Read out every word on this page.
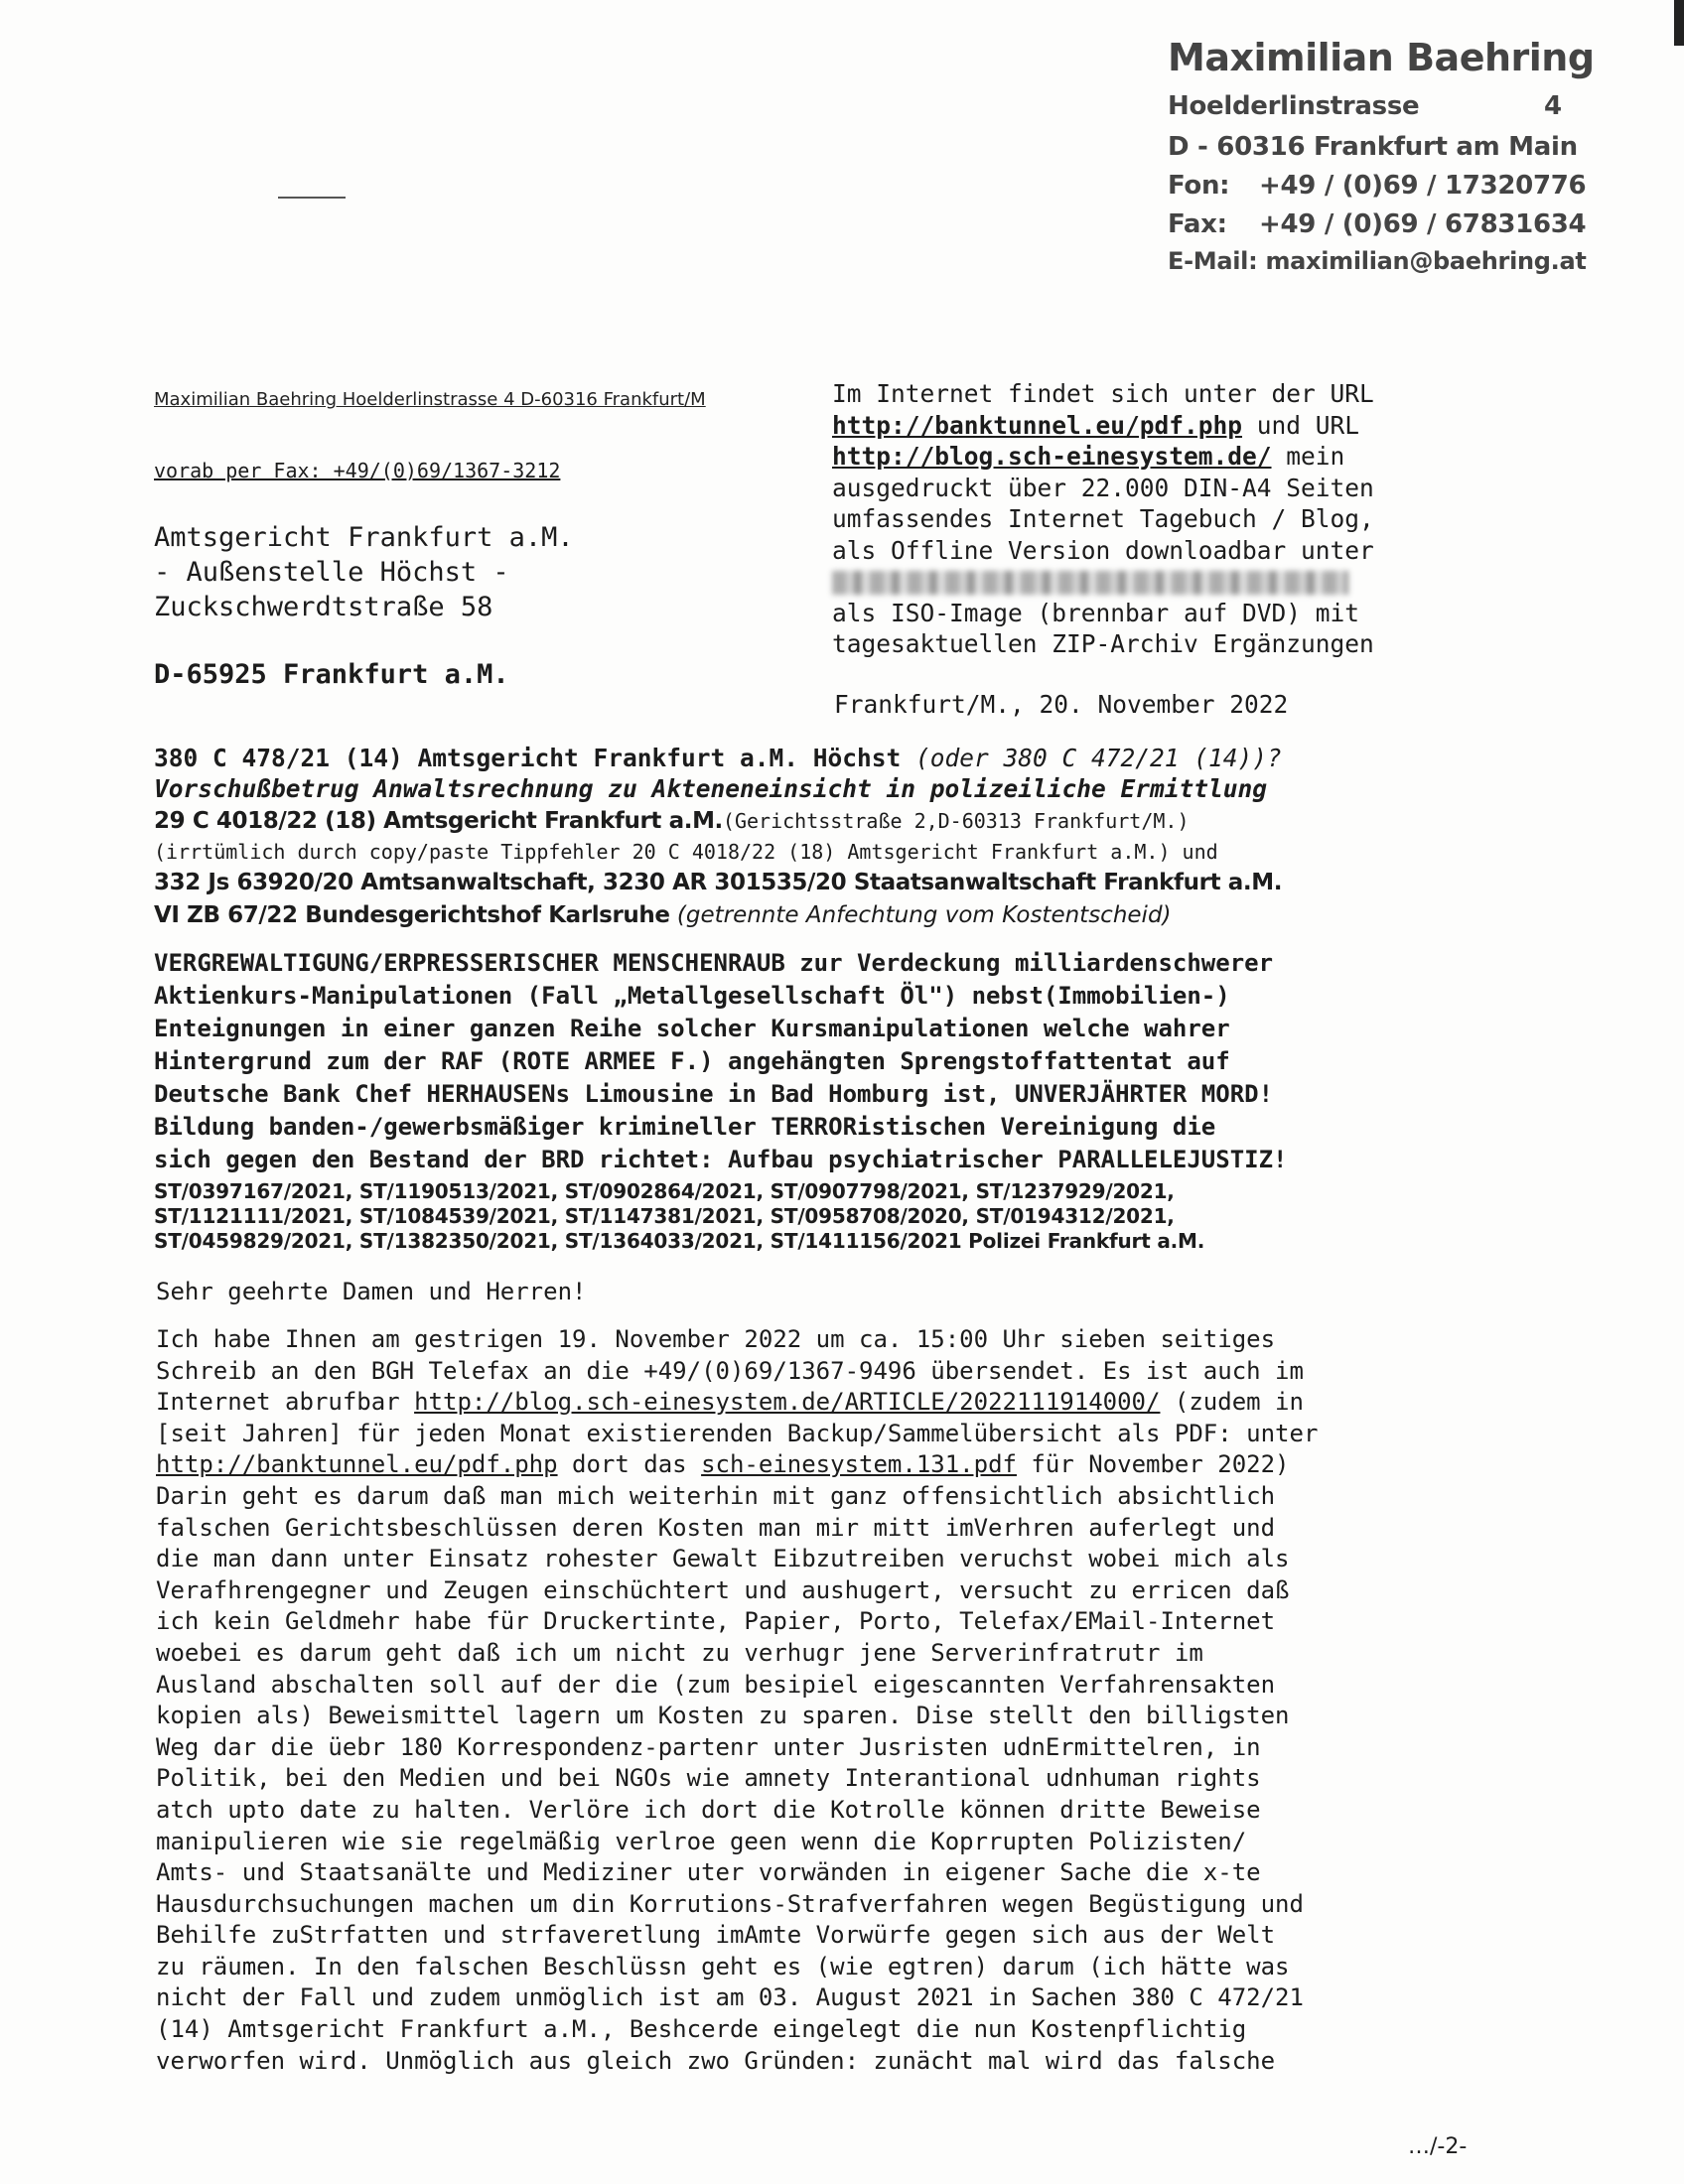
Maximilian Baehring
Hoelderlinstrasse	4
D - 60316 Frankfurt am Main
Fon: +49 / (0)69 / 17320776
Fax: +49 / (0)69 / 67831634
E-Mail: maximilian@baehring.at
Maximilian Baehring Hoelderlinstrasse 4 D-60316 Frankfurt/M
vorab per Fax: +49/(0)69/1367-3212
Amtsgericht Frankfurt a.M.
- Außenstelle Höchst -
Zuckschwerdtstraße 58
D-65925 Frankfurt a.M.
Im Internet findet sich unter der URL
http://banktunnel.eu/pdf.php und URL
http://blog.sch-einesystem.de/ mein
ausgedruckt über 22.000 DIN-A4 Seiten
umfassendes Internet Tagebuch / Blog,
als Offline Version downloadbar unter
als ISO-Image (brennbar auf DVD) mit
tagesaktuellen ZIP-Archiv Ergänzungen
Frankfurt/M., 20. November 2022
380 C 478/21 (14) Amtsgericht Frankfurt a.M. Höchst (oder 380 C 472/21 (14))?
Vorschußbetrug Anwaltsrechnung zu Akteneneinsicht in polizeiliche Ermittlung
29 C 4018/22 (18) Amtsgericht Frankfurt a.M.(Gerichtsstraße 2,D-60313 Frankfurt/M.)
(irrtümlich durch copy/paste Tippfehler 20 C 4018/22 (18) Amtsgericht Frankfurt a.M.) und
332 Js 63920/20 Amtsanwaltschaft, 3230 AR 301535/20 Staatsanwaltschaft Frankfurt a.M.
VI ZB 67/22 Bundesgerichtshof Karlsruhe (getrennte Anfechtung vom Kostentscheid)
VERGREWALTIGUNG/ERPRESSERISCHER MENSCHENRAUB zur Verdeckung milliardenschwerer
Aktienkurs-Manipulationen (Fall „Metallgesellschaft Öl") nebst(Immobilien-)
Enteignungen in einer ganzen Reihe solcher Kursmanipulationen welche wahrer
Hintergrund zum der RAF (ROTE ARMEE F.) angehängten Sprengstoffattentat auf
Deutsche Bank Chef HERHAUSENs Limousine in Bad Homburg ist, UNVERJÄHRTER MORD!
Bildung banden-/gewerbsmäßiger krimineller TERRORistischen Vereinigung die
sich gegen den Bestand der BRD richtet: Aufbau psychiatrischer PARALLELEJUSTIZ!
ST/0397167/2021, ST/1190513/2021, ST/0902864/2021, ST/0907798/2021, ST/1237929/2021,
ST/1121111/2021, ST/1084539/2021, ST/1147381/2021, ST/0958708/2020, ST/0194312/2021,
ST/0459829/2021, ST/1382350/2021, ST/1364033/2021, ST/1411156/2021 Polizei Frankfurt a.M.
Sehr geehrte Damen und Herren!
Ich habe Ihnen am gestrigen 19. November 2022 um ca. 15:00 Uhr sieben seitiges
Schreib an den BGH Telefax an die +49/(0)69/1367-9496 übersendet. Es ist auch im
Internet abrufbar http://blog.sch-einesystem.de/ARTICLE/2022111914000/ (zudem in
[seit Jahren] für jeden Monat existierenden Backup/Sammelübersicht als PDF: unter
http://banktunnel.eu/pdf.php dort das sch-einesystem.131.pdf für November 2022)
Darin geht es darum daß man mich weiterhin mit ganz offensichtlich absichtlich
falschen Gerichtsbeschlüssen deren Kosten man mir mitt imVerhren auferlegt und
die man dann unter Einsatz rohester Gewalt Eibzutreiben veruchst wobei mich als
Verafhrengegner und Zeugen einschüchtert und aushugert, versucht zu erricen daß
ich kein Geldmehr habe für Druckertinte, Papier, Porto, Telefax/EMail-Internet
woebei es darum geht daß ich um nicht zu verhugr jene Serverinfratrutr im
Ausland abschalten soll auf der die (zum besipiel eigescannten Verfahrensakten
kopien als) Beweismittel lagern um Kosten zu sparen. Dise stellt den billigsten
Weg dar die üebr 180 Korrespondenz-partenr unter Jusristen udnErmittelren, in
Politik, bei den Medien und bei NGOs wie amnety Interantional udnhuman rights
atch upto date zu halten. Verlöre ich dort die Kotrolle können dritte Beweise
manipulieren wie sie regelmäßig verlroe geen wenn die Koprrupten Polizisten/
Amts- und Staatsanälte und Mediziner uter vorwänden in eigener Sache die x-te
Hausdurchsuchungen machen um din Korrutions-Strafverfahren wegen Begüstigung und
Behilfe zuStrfatten und strfaveretlung imAmte Vorwürfe gegen sich aus der Welt
zu räumen. In den falschen Beschlüssn geht es (wie egtren) darum (ich hätte was
nicht der Fall und zudem unmöglich ist am 03. August 2021 in Sachen 380 C 472/21
(14) Amtsgericht Frankfurt a.M., Beshcerde eingelegt die nun Kostenpflichtig
verworfen wird. Unmöglich aus gleich zwo Gründen: zunächt mal wird das falsche
…/-2-
